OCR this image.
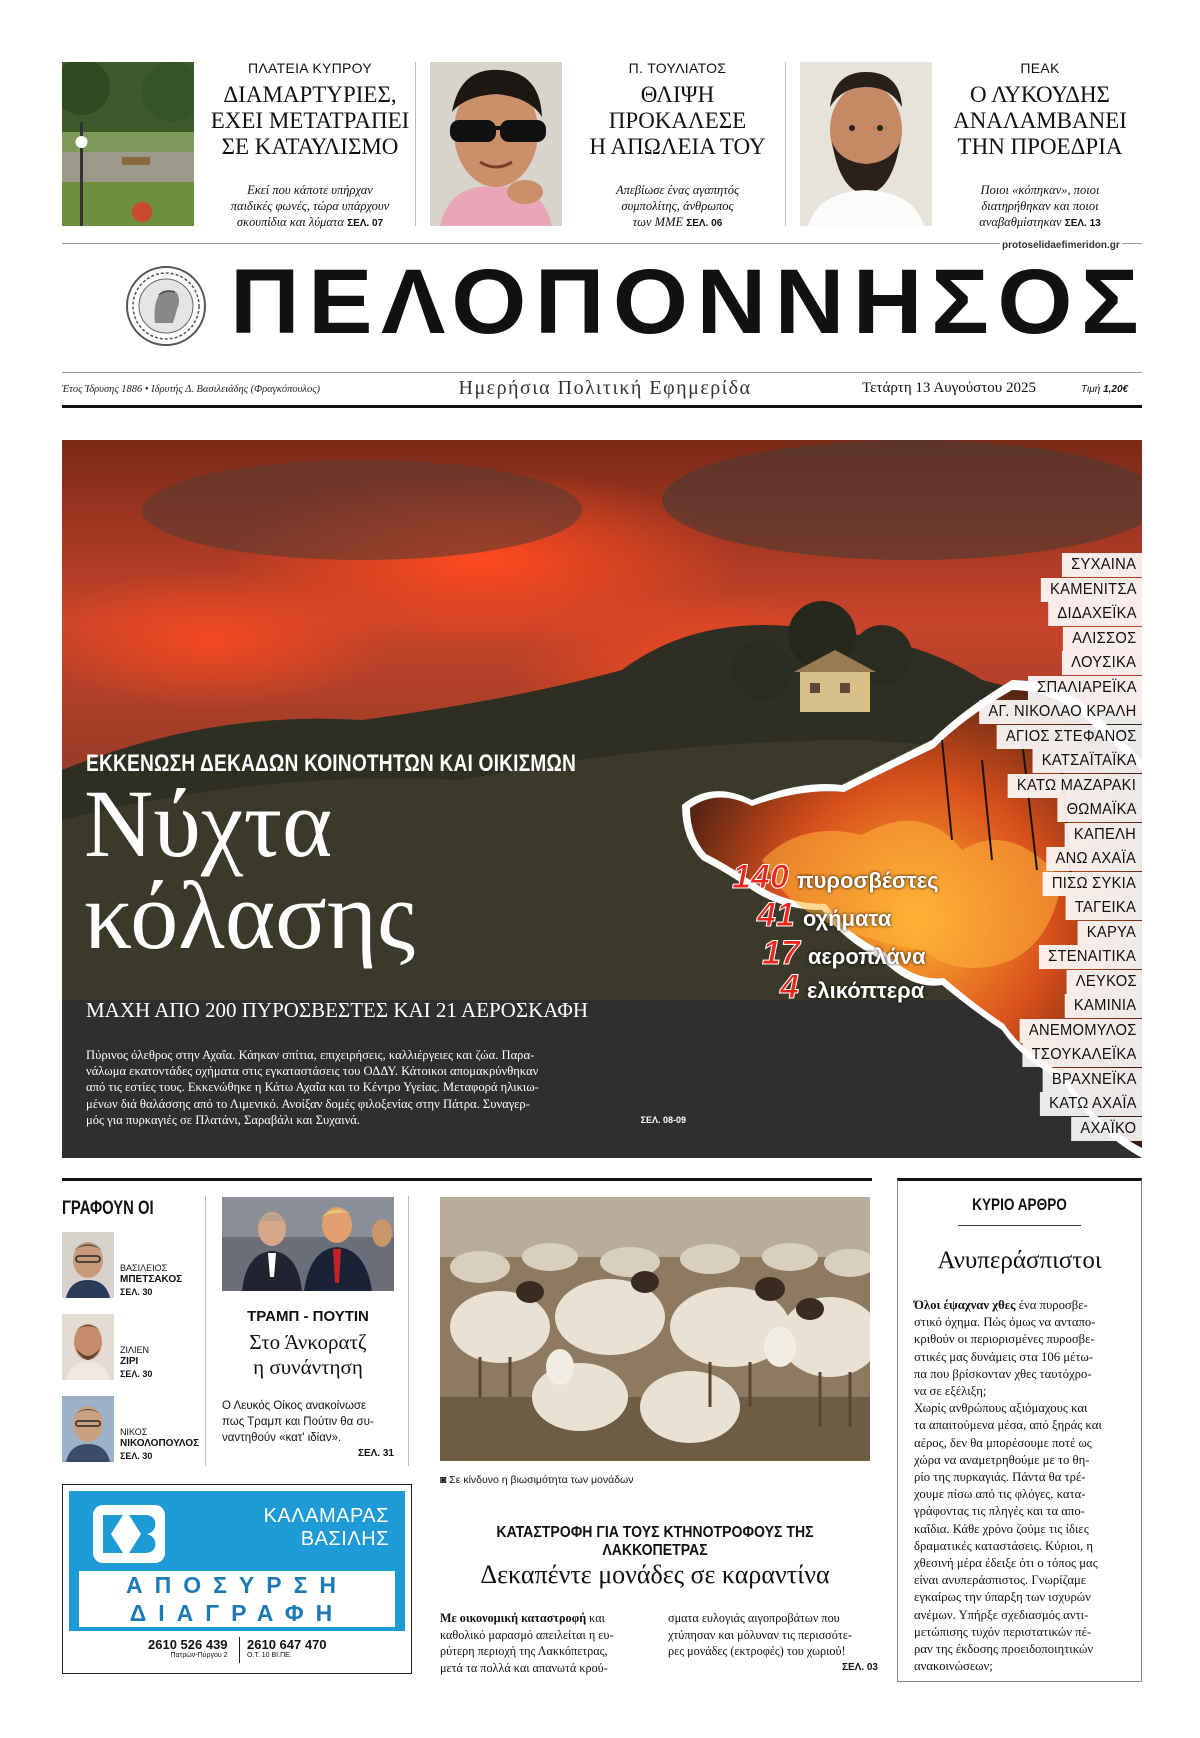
ΠΛΑΤΕΙΑ ΚΥΠΡΟΥ
ΔΙΑΜΑΡΤΥΡΙΕΣ,
ΕΧΕΙ ΜΕΤΑΤΡΑΠΕΙ
ΣΕ ΚΑΤΑΥΛΙΣΜΟ
Εκεί που κάποτε υπήρχαν
παιδικές φωνές, τώρα υπάρχουν
σκουπίδια και λύματα ΣΕΛ. 07
Π. ΤΟΥΛΙΑΤΟΣ
ΘΛΙΨΗ
ΠΡΟΚΑΛΕΣΕ
Η ΑΠΩΛΕΙΑ ΤΟΥ
Απεβίωσε ένας αγαπητός
συμπολίτης, άνθρωπος
των ΜΜΕ ΣΕΛ. 06
ΠΕΑΚ
Ο ΛΥΚΟΥΔΗΣ
ΑΝΑΛΑΜΒΑΝΕΙ
ΤΗΝ ΠΡΟΕΔΡΙΑ
Ποιοι «κόπηκαν», ποιοι
διατηρήθηκαν και ποιοι
αναβαθμίστηκαν ΣΕΛ. 13
protoselidaefimeridon.gr
ΠΕΛΟΠΟΝΝΗΣΟΣ
Έτος Ίδρυσης 1886 • Ιδρυτής Δ. Βασιλειάδης (Φραγκόπουλος)	Ημερήσια Πολιτική Εφημερίδα	Τετάρτη 13 Αυγούστου 2025	Τιμή 1,20€
ΕΚΚΕΝΩΣΗ ΔΕΚΑΔΩΝ ΚΟΙΝΟΤΗΤΩΝ ΚΑΙ ΟΙΚΙΣΜΩΝ
Νύχτα
κόλασης
ΜΑΧΗ ΑΠΟ 200 ΠΥΡΟΣΒΕΣΤΕΣ ΚΑΙ 21 ΑΕΡΟΣΚΑΦΗ
Πύρινος όλεθρος στην Αχαΐα. Κάηκαν σπίτια, επιχειρήσεις, καλλιέργειες και ζώα. Παρα-
νάλωμα εκατοντάδες οχήματα στις εγκαταστάσεις του ΟΔΔΥ. Κάτοικοι απομακρύνθηκαν
από τις εστίες τους. Εκκενώθηκε η Κάτω Αχαΐα και το Κέντρο Υγείας. Μεταφορά ηλικιω-
μένων διά θαλάσσης από το Λιμενικό. Ανοίξαν δομές φιλοξενίας στην Πάτρα. Συναγερ-
μός για πυρκαγιές σε Πλατάνι, Σαραβάλι και Συχαινά.	ΣΕΛ. 08-09
140 πυροσβέστες
41 οχήματα
17 αεροπλάνα
4 ελικόπτερα
ΣΥΧΑΙΝΑ
ΚΑΜΕΝΙΤΣΑ
ΔΙΔΑΧΕΪΚΑ
ΑΛΙΣΣΟΣ
ΛΟΥΣΙΚΑ
ΣΠΑΛΙΑΡΕΪΚΑ
ΑΓ. ΝΙΚΟΛΑΟ ΚΡΑΛΗ
ΑΓΙΟΣ ΣΤΕΦΑΝΟΣ
ΚΑΤΣΑΪΤΑΪΚΑ
ΚΑΤΩ ΜΑΖΑΡΑΚΙ
ΘΩΜΑΪΚΑ
ΚΑΠΕΛΗ
ΑΝΩ ΑΧΑΪΑ
ΠΙΣΩ ΣΥΚΙΑ
ΤΑΓΕΙΚΑ
ΚΑΡΥΑ
ΣΤΕΝΑΙΤΙΚΑ
ΛΕΥΚΟΣ
ΚΑΜΙΝΙΑ
ΑΝΕΜΟΜΥΛΟΣ
ΤΣΟΥΚΑΛΕΪΚΑ
ΒΡΑΧΝΕΪΚΑ
ΚΑΤΩ ΑΧΑΪΑ
ΑΧΑΪΚΟ
ΓΡΑΦΟΥΝ ΟΙ
ΒΑΣΙΛΕΙΟΣ
ΜΠΕΤΣΑΚΟΣ
ΣΕΛ. 30
ΖΙΛΙΕΝ
ΖΙΡΙ
ΣΕΛ. 30
ΝΙΚΟΣ
ΝΙΚΟΛΟΠΟΥΛΟΣ
ΣΕΛ. 30
ΤΡΑΜΠ - ΠΟΥΤΙΝ
Στο Άνκορατζ
η συνάντηση
Ο Λευκός Οίκος ανακοίνωσε
πως Τραμπ και Πούτιν θα συ-
ναντηθούν «κατ' ιδίαν».
ΣΕΛ. 31
◙ Σε κίνδυνο η βιωσιμότητα των μονάδων
ΚΑΛΑΜΑΡΑΣ
ΒΑΣΙΛΗΣ
ΑΠΟΣΥΡΣΗ
ΔΙΑΓΡΑΦΗ
2610 526 439
Πατρών-Πύργου 2
2610 647 470
Ο.Τ. 10 ΒΙ.ΠΕ.
ΚΑΤΑΣΤΡΟΦΗ ΓΙΑ ΤΟΥΣ ΚΤΗΝΟΤΡΟΦΟΥΣ ΤΗΣ ΛΑΚΚΟΠΕΤΡΑΣ
Δεκαπέντε μονάδες σε καραντίνα
Με οικονομική καταστροφή και
καθολικό μαρασμό απειλείται η ευ-
ρύτερη περιοχή της Λακκόπετρας,
μετά τα πολλά και απανωτά κρού-
σματα ευλογιάς αιγοπροβάτων που
χτύπησαν και μόλυναν τις περισσότε-
ρες μονάδες (εκτροφές) του χωριού!
ΣΕΛ. 03
ΚΥΡΙΟ ΑΡΘΡΟ
Ανυπεράσπιστοι
Όλοι έψαχναν χθες ένα πυροσβε-
στικό όχημα. Πώς όμως να ανταπο-
κριθούν οι περιορισμένες πυροσβε-
στικές μας δυνάμεις στα 106 μέτω-
πα που βρίσκονταν χθες ταυτόχρο-
να σε εξέλιξη;
Χωρίς ανθρώπους αξιόμαχους και
τα απαιτούμενα μέσα, από ξηράς και
αέρος, δεν θα μπορέσουμε ποτέ ως
χώρα να αναμετρηθούμε με το θη-
ρίο της πυρκαγιάς. Πάντα θα τρέ-
χουμε πίσω από τις φλόγες, κατα-
γράφοντας τις πληγές και τα απο-
καΐδια. Κάθε χρόνο ζούμε τις ίδιες
δραματικές καταστάσεις. Κύριοι, η
χθεσινή μέρα έδειξε ότι ο τόπος μας
είναι ανυπεράσπιστος. Γνωρίζαμε
εγκαίρως την ύπαρξη των ισχυρών
ανέμων. Υπήρξε σχεδιασμός αντι-
μετώπισης τυχόν περιστατικών πέ-
ραν της έκδοσης προειδοποιητικών
ανακοινώσεων;
